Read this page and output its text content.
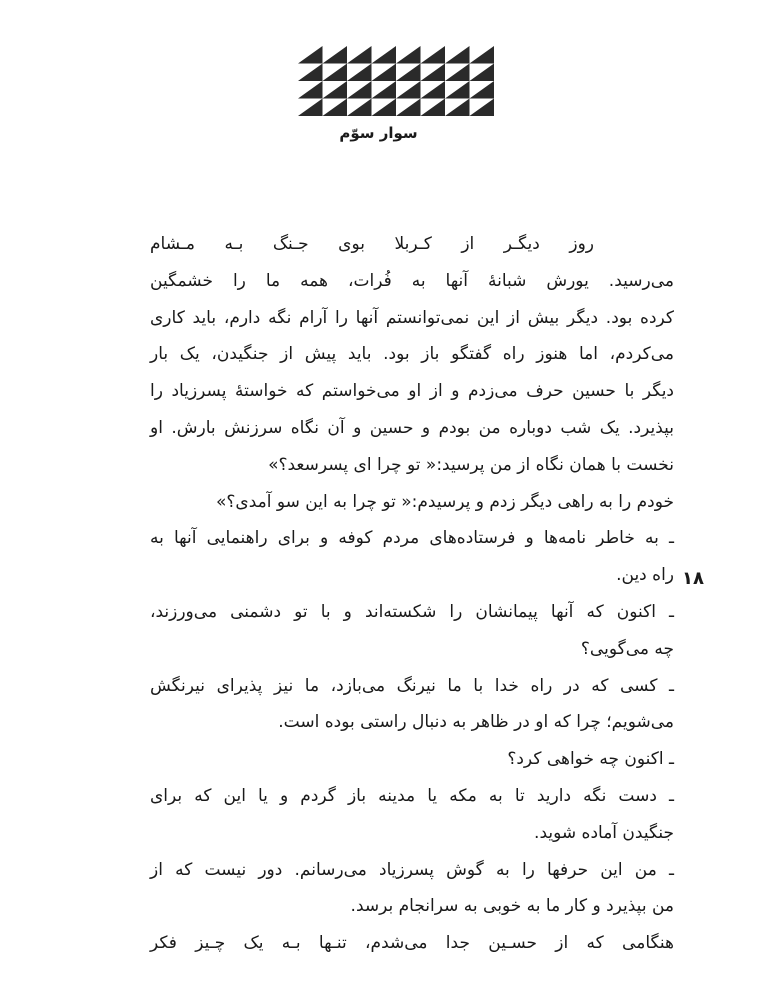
سوار سوّم
روز دیگـر از کـربلا بوی جـنگ بـه مـشام
می‌رسید. یورش شبانهٔ آنها به فُرات، همه ما را خشمگین
کرده بود. دیگر بیش از این نمی‌توانستم آنها را آرام نگه دارم، باید کاری
می‌کردم، اما هنوز راه گفتگو باز بود. باید پیش از جنگیدن، یک بار
دیگر با حسین حرف می‌زدم و از او می‌خواستم که خواستهٔ پسرزیاد را
بپذیرد. یک شب دوباره من بودم و حسین و آن نگاه سرزنش بارش. او
نخست با همان نگاه از من پرسید:« تو چرا ای پسرسعد؟»
خودم را به راهی دیگر زدم و پرسیدم:« تو چرا به این سو آمدی؟»
ـ به خاطر نامه‌ها و فرستاده‌های مردم کوفه و برای راهنمایی آنها به
راه دین.
ـ اکنون که آنها پیمانشان را شکسته‌اند و با تو دشمنی می‌ورزند،
چه می‌گویی؟
ـ کسی که در راه خدا با ما نیرنگ می‌بازد، ما نیز پذیرای نیرنگش
می‌شویم؛ چرا که او در ظاهر به دنبال راستی بوده است.
ـ اکنون چه خواهی کرد؟
ـ دست نگه دارید تا به مکه یا مدینه باز گردم و یا این که برای
جنگیدن آماده شوید.
ـ من این حرفها را به گوش پسرزیاد می‌رسانم. دور نیست که از
من بپذیرد و کار ما به خوبی به سرانجام برسد.
هنگامی که از حسـین جدا می‌شدم، تنـها بـه یک چـیز فکر
۱۸
